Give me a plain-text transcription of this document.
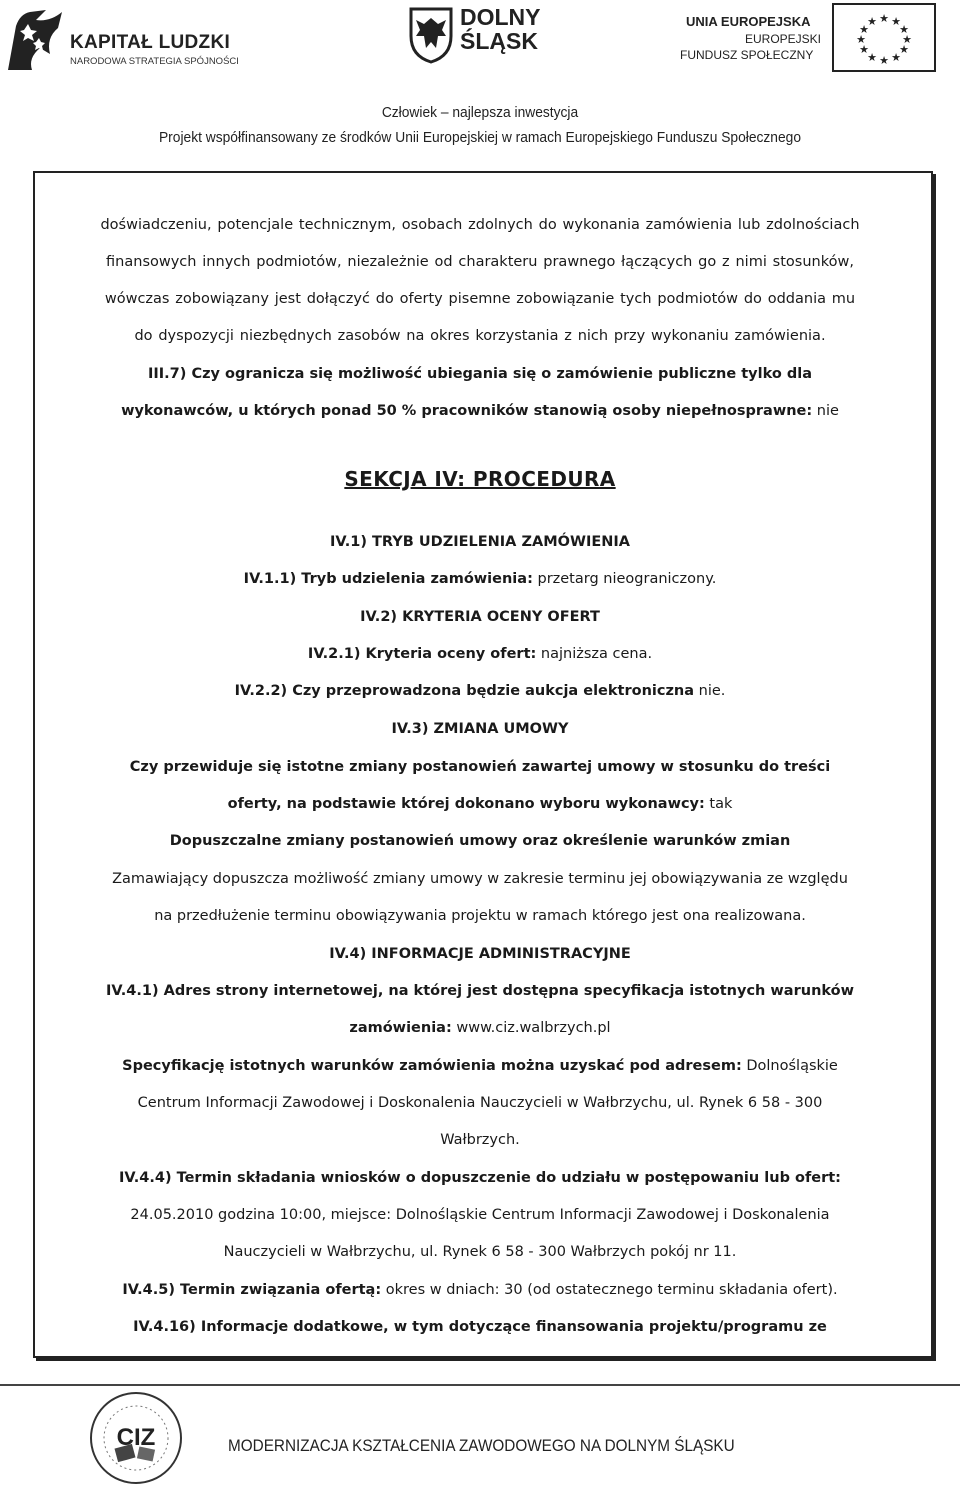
KAPITAŁ LUDZKI
NARODOWA STRATEGIA SPÓJNOŚCI
DOLNY
ŚLĄSK
UNIA EUROPEJSKA
EUROPEJSKI
FUNDUSZ SPOŁECZNY
★ ★
★
★
★
★
★
★
★
★
★
★
Człowiek – najlepsza inwestycja
Projekt współfinansowany ze środków Unii Europejskiej w ramach Europejskiego Funduszu Społecznego
doświadczeniu, potencjale technicznym, osobach zdolnych do wykonania zamówienia lub zdolnościach
finansowych innych podmiotów, niezależnie od charakteru prawnego łączących go z nimi stosunków,
wówczas zobowiązany jest dołączyć do oferty pisemne zobowiązanie tych podmiotów do oddania mu
do dyspozycji niezbędnych zasobów na okres korzystania z nich przy wykonaniu zamówienia.
III.7) Czy ogranicza się możliwość ubiegania się o zamówienie publiczne tylko dla
wykonawców, u których ponad 50 % pracowników stanowią osoby niepełnosprawne: nie
SEKCJA IV: PROCEDURA
IV.1) TRYB UDZIELENIA ZAMÓWIENIA
IV.1.1) Tryb udzielenia zamówienia: przetarg nieograniczony.
IV.2) KRYTERIA OCENY OFERT
IV.2.1) Kryteria oceny ofert: najniższa cena.
IV.2.2) Czy przeprowadzona będzie aukcja elektroniczna nie.
IV.3) ZMIANA UMOWY
Czy przewiduje się istotne zmiany postanowień zawartej umowy w stosunku do treści
oferty, na podstawie której dokonano wyboru wykonawcy: tak
Dopuszczalne zmiany postanowień umowy oraz określenie warunków zmian
Zamawiający dopuszcza możliwość zmiany umowy w zakresie terminu jej obowiązywania ze względu
na przedłużenie terminu obowiązywania projektu w ramach którego jest ona realizowana.
IV.4) INFORMACJE ADMINISTRACYJNE
IV.4.1) Adres strony internetowej, na której jest dostępna specyfikacja istotnych warunków
zamówienia: www.ciz.walbrzych.pl
Specyfikację istotnych warunków zamówienia można uzyskać pod adresem: Dolnośląskie
Centrum Informacji Zawodowej i Doskonalenia Nauczycieli w Wałbrzychu, ul. Rynek 6 58 - 300
Wałbrzych.
IV.4.4) Termin składania wniosków o dopuszczenie do udziału w postępowaniu lub ofert:
24.05.2010 godzina 10:00, miejsce: Dolnośląskie Centrum Informacji Zawodowej i Doskonalenia
Nauczycieli w Wałbrzychu, ul. Rynek 6 58 - 300 Wałbrzych pokój nr 11.
IV.4.5) Termin związania ofertą: okres w dniach: 30 (od ostatecznego terminu składania ofert).
IV.4.16) Informacje dodatkowe, w tym dotyczące finansowania projektu/programu ze
CIZ	MODERNIZACJA KSZTAŁCENIA ZAWODOWEGO NA DOLNYM ŚLĄSKU
